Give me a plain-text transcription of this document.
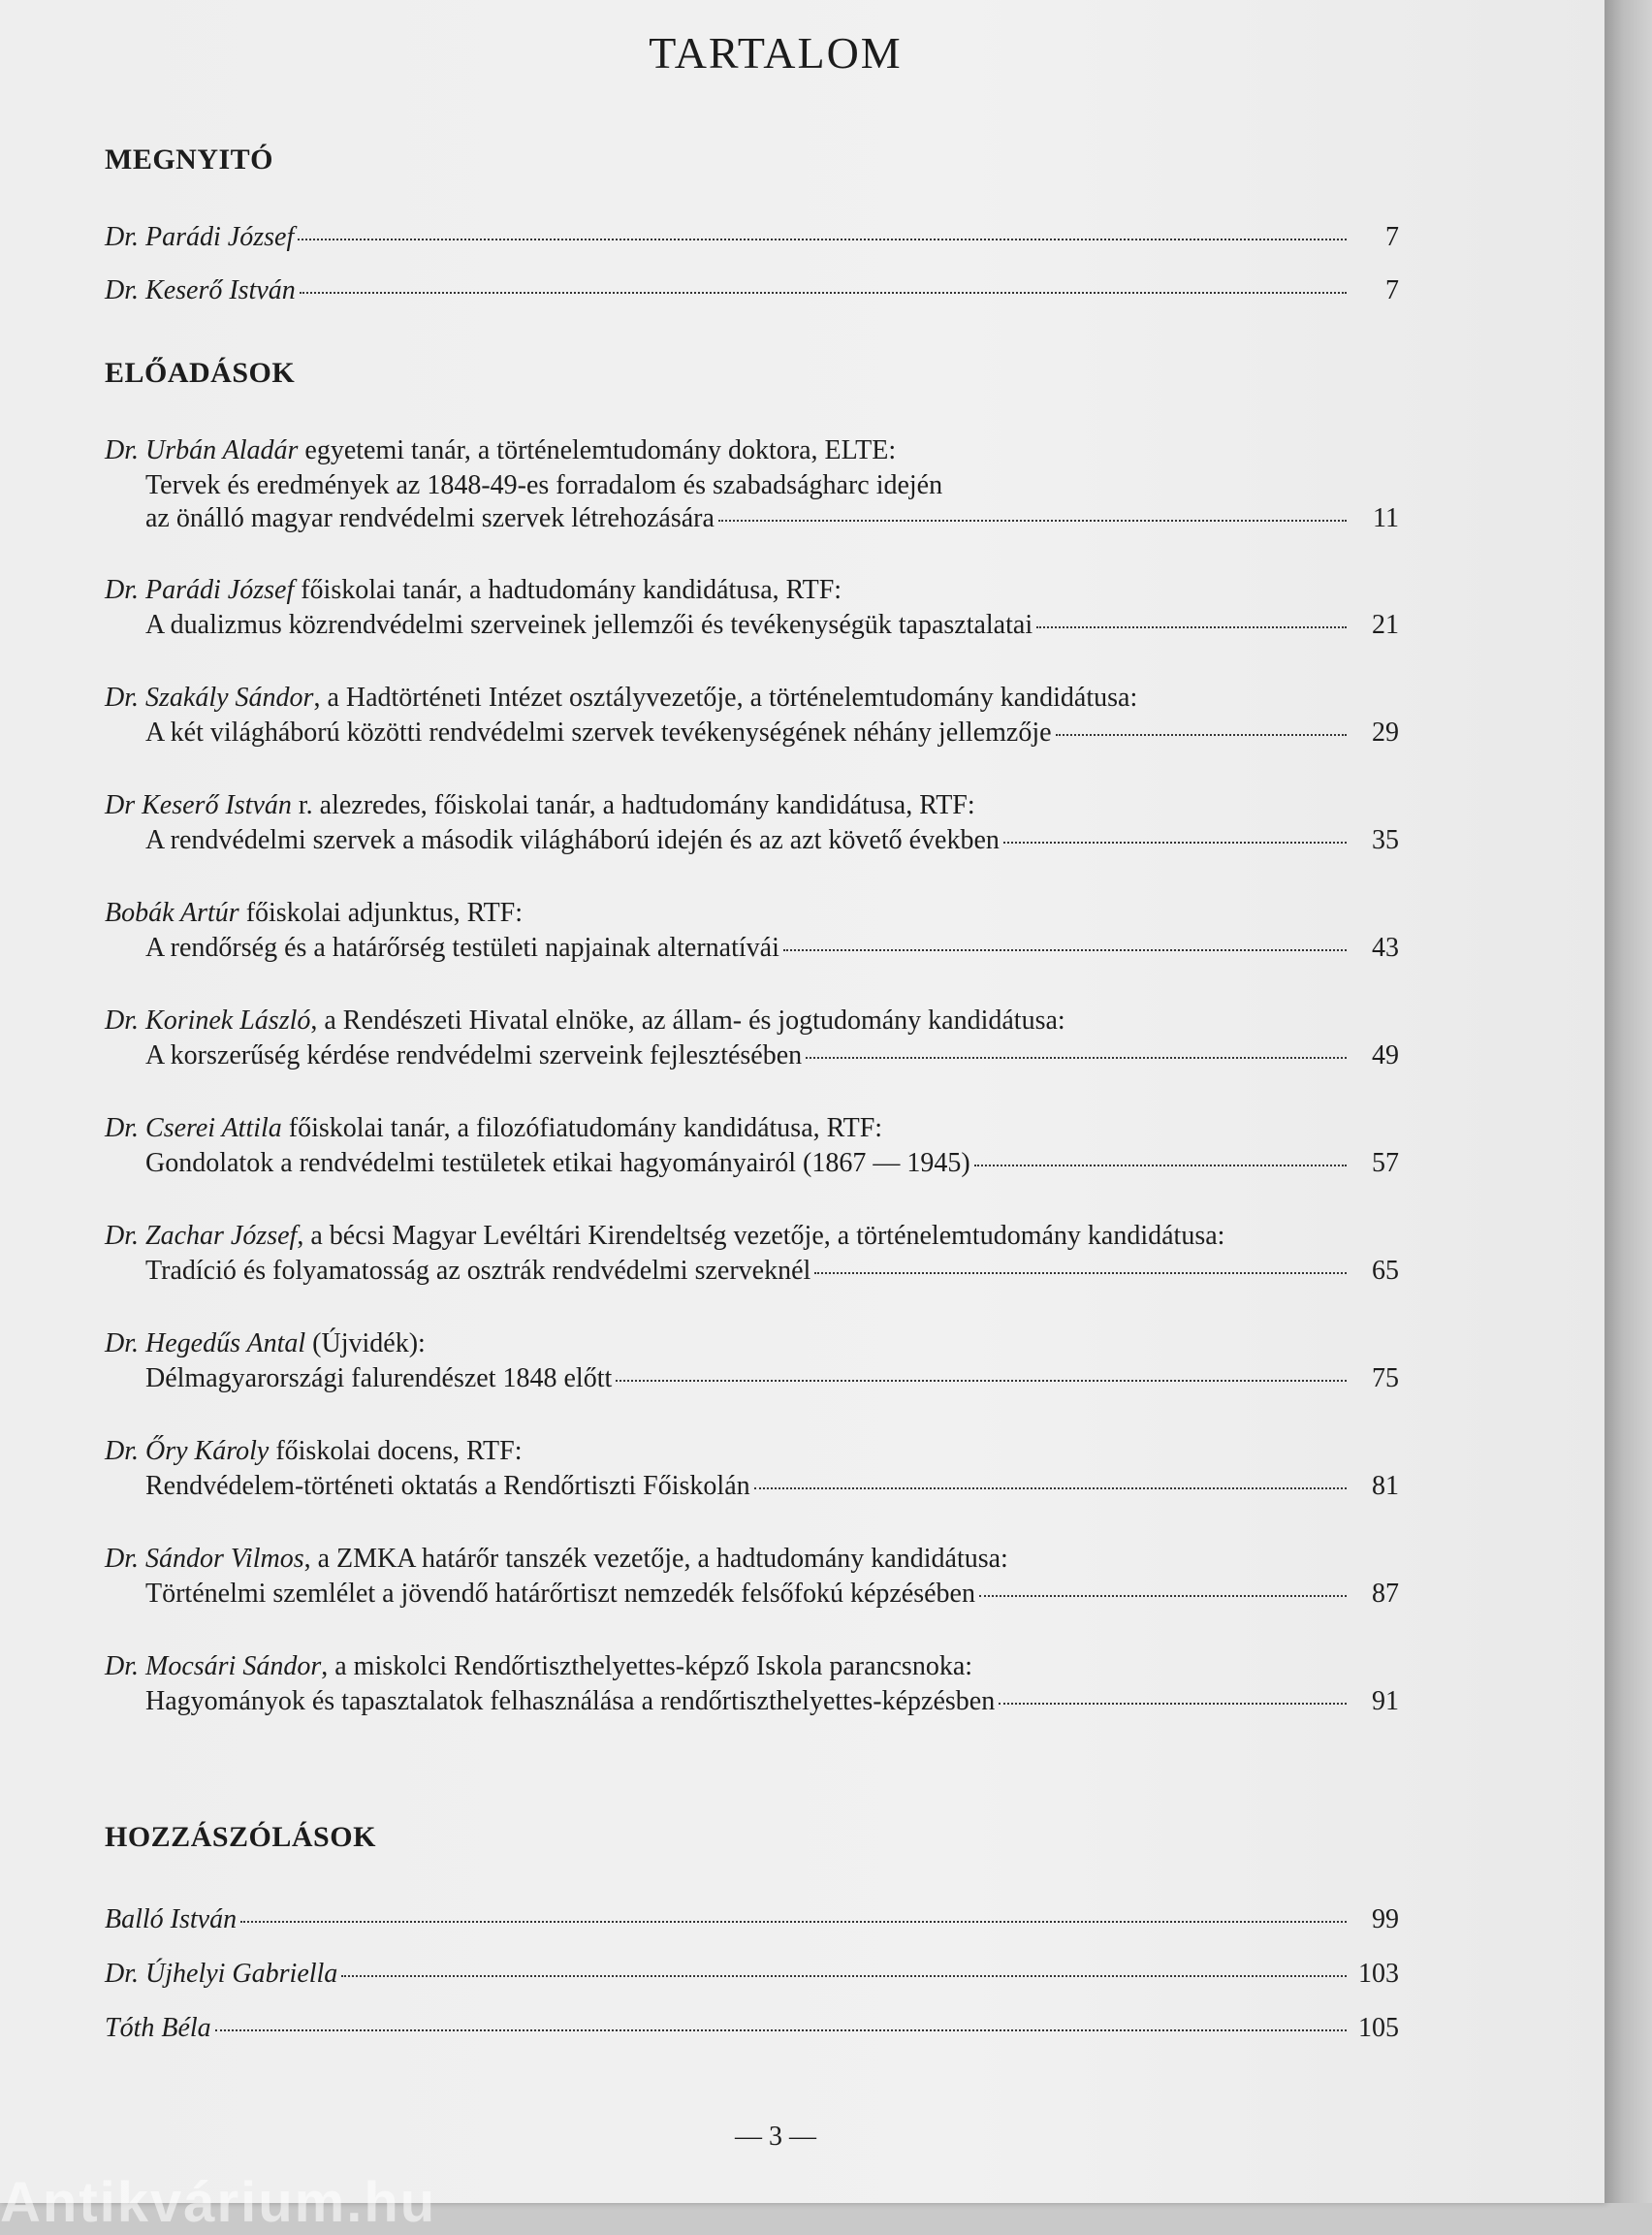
TARTALOM
MEGNYITÓ
Dr. Parádi József	7
Dr. Keserő István	7
ELŐADÁSOK
Dr. Urbán Aladár egyetemi tanár, a történelemtudomány doktora, ELTE:
Tervek és eredmények az 1848-49-es forradalom és szabadságharc idején
az önálló magyar rendvédelmi szervek létrehozására	11
Dr. Parádi József főiskolai tanár, a hadtudomány kandidátusa, RTF:
A dualizmus közrendvédelmi szerveinek jellemzői és tevékenységük tapasztalatai	21
Dr. Szakály Sándor, a Hadtörténeti Intézet osztályvezetője, a történelemtudomány kandidátusa:
A két világháború közötti rendvédelmi szervek tevékenységének néhány jellemzője	29
Dr Keserő István r. alezredes, főiskolai tanár, a hadtudomány kandidátusa, RTF:
A rendvédelmi szervek a második világháború idején és az azt követő években	35
Bobák Artúr főiskolai adjunktus, RTF:
A rendőrség és a határőrség testületi napjainak alternatívái	43
Dr. Korinek László, a Rendészeti Hivatal elnöke, az állam- és jogtudomány kandidátusa:
A korszerűség kérdése rendvédelmi szerveink fejlesztésében	49
Dr. Cserei Attila főiskolai tanár, a filozófiatudomány kandidátusa, RTF:
Gondolatok a rendvédelmi testületek etikai hagyományairól (1867 — 1945)	57
Dr. Zachar József, a bécsi Magyar Levéltári Kirendeltség vezetője, a történelemtudomány kandidátusa:
Tradíció és folyamatosság az osztrák rendvédelmi szerveknél	65
Dr. Hegedűs Antal (Újvidék):
Délmagyarországi falurendészet 1848 előtt	75
Dr. Őry Károly főiskolai docens, RTF:
Rendvédelem-történeti oktatás a Rendőrtiszti Főiskolán	81
Dr. Sándor Vilmos, a ZMKA határőr tanszék vezetője, a hadtudomány kandidátusa:
Történelmi szemlélet a jövendő határőrtiszt nemzedék felsőfokú képzésében	87
Dr. Mocsári Sándor, a miskolci Rendőrtiszthelyettes-képző Iskola parancsnoka:
Hagyományok és tapasztalatok felhasználása a rendőrtiszthelyettes-képzésben	91
HOZZÁSZÓLÁSOK
Balló István	99
Dr. Újhelyi Gabriella	103
Tóth Béla	105
— 3 —
Antikvárium.hu
